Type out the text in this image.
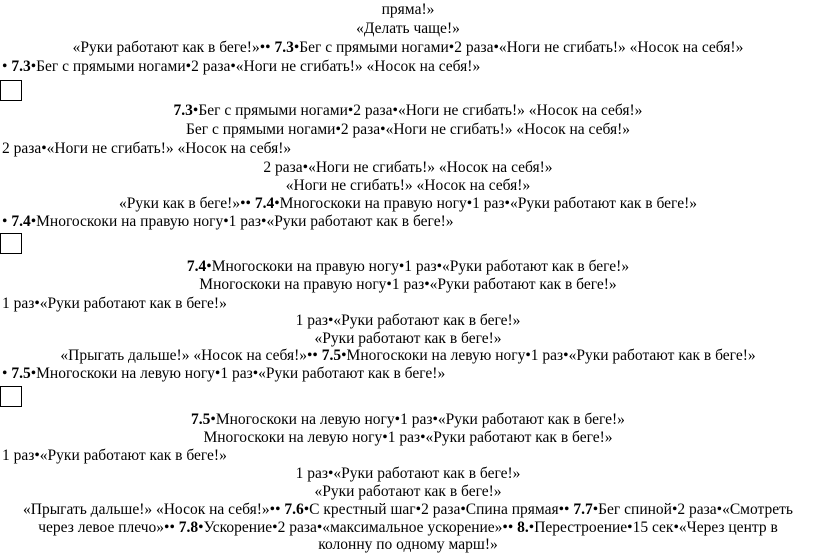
прямa!»
«Делать чаще!»
«Руки работают как в беге!»•• 7.3•Бег с прямыми ногами•2 раза•«Ноги не сгибать!» «Носок на себя!»
• 7.3•Бег с прямыми ногами•2 раза•«Ноги не сгибать!» «Носок на себя!»
7.3•Бег с прямыми ногами•2 раза•«Ноги не сгибать!» «Носок на себя!»
Бег с прямыми ногами•2 раза•«Ноги не сгибать!» «Носок на себя!»
2 раза•«Ноги не сгибать!» «Носок на себя!»
2 раза•«Ноги не сгибать!» «Носок на себя!»
«Ноги не сгибать!» «Носок на себя!»
«Руки как в беге!»•• 7.4•Многоскоки на правую ногу•1 раз•«Руки работают как в беге!»
• 7.4•Многоскоки на правую ногу•1 раз•«Руки работают как в беге!»
7.4•Многоскоки на правую ногу•1 раз•«Руки работают как в беге!»
Многоскоки на правую ногу•1 раз•«Руки работают как в беге!»
1 раз•«Руки работают как в беге!»
1 раз•«Руки работают как в беге!»
«Руки работают как в беге!»
«Прыгать дальше!» «Носок на себя!»•• 7.5•Многоскоки на левую ногу•1 раз•«Руки работают как в беге!»
• 7.5•Многоскоки на левую ногу•1 раз•«Руки работают как в беге!»
7.5•Многоскоки на левую ногу•1 раз•«Руки работают как в беге!»
Многоскоки на левую ногу•1 раз•«Руки работают как в беге!»
1 раз•«Руки работают как в беге!»
1 раз•«Руки работают как в беге!»
«Руки работают как в беге!»
«Прыгать дальше!» «Носок на себя!»•• 7.6•С крестный шаг•2 раза•Спина прямая•• 7.7•Бег спиной•2 раза•«Смотреть
через левое плечо»•• 7.8•Ускорение•2 раза•«максимальное ускорение»•• 8.•Перестроение•15 сек•«Через центр в
колонну по одному марш!»
